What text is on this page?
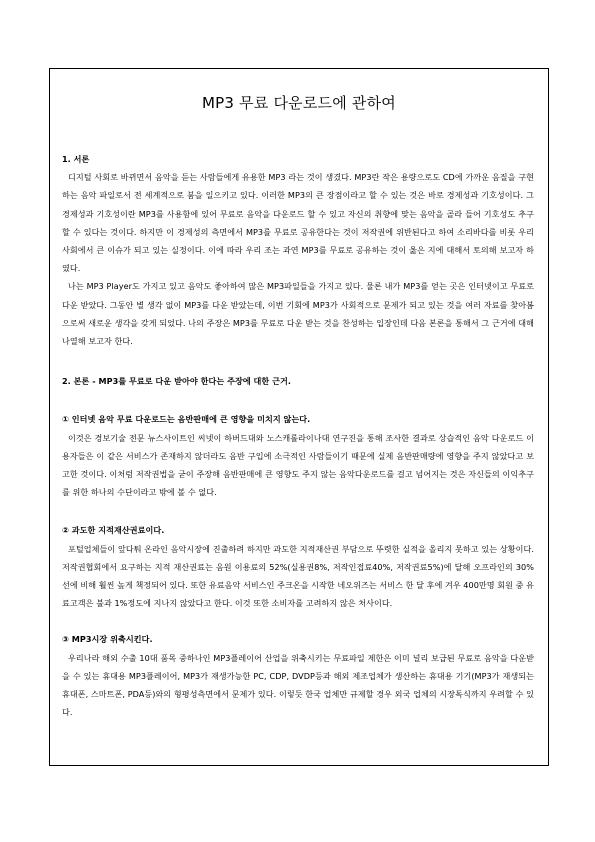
MP3 무료 다운로드에 관하여

1. 서론

디지털 사회로 바뀌면서 음악을 듣는 사람들에게 유용한 MP3 라는 것이 생겼다. MP3란 작은 용량으로도 CD에 가까운 음질을 구현하는 음악 파일로서 전 세계적으로 붐을 일으키고 있다. 이러한 MP3의 큰 장점이라고 할 수 있는 것은 바로 경제성과 기호성이다. 그 경제성과 기호성이란 MP3를 사용함에 있어 무료로 음악을 다운로드 할 수 있고 자신의 취향에 맞는 음악을 골라 들어 기호성도 추구할 수 있다는 것이다. 하지만 이 경제성의 측면에서 MP3를 무료로 공유한다는 것이 저작권에 위반된다고 하여 소리바다를 비롯 우리 사회에서 큰 이슈가 되고 있는 실정이다. 이에 따라 우리 조는 과연 MP3를 무료로 공유하는 것이 옳은 지에 대해서 토의해 보고자 하였다.

나는 MP3 Player도 가지고 있고 음악도 좋아하여 많은 MP3파일들을 가지고 있다. 물론 내가 MP3를 얻는 곳은 인터넷이고 무료로 다운 받았다. 그동안 별 생각 없이 MP3를 다운 받았는데, 이번 기회에 MP3가 사회적으로 문제가 되고 있는 것을 여러 자료를 찾아봄으로써 새로운 생각을 갖게 되었다. 나의 주장은 MP3를 무료로 다운 받는 것을 찬성하는 입장인데 다음 본론을 통해서 그 근거에 대해 나열해 보고자 한다.

2. 본론 - MP3를 무료로 다운 받아야 한다는 주장에 대한 근거.

① 인터넷 음악 무료 다운로드는 음반판매에 큰 영향을 미치지 않는다.

이것은 경보기술 전문 뉴스사이트인 씨넷이 하버드대와 노스캐롤라이나대 연구진을 통해 조사한 결과로 상습적인 음악 다운로드 이용자들은 이 같은 서비스가 존재하지 않더라도 음반 구입에 소극적인 사람들이기 때문에 실제 음반판매량에 영향을 주지 않았다고 보고한 것이다. 이처럼 저작권법을 굳이 주장해 음반판매에 큰 영향도 주지 않는 음악다운로드를 걸고 넘어지는 것은 자신들의 이익추구를 위한 하나의 수단이라고 밖에 볼 수 없다.

② 과도한 지적재산권료이다.

포털업체들이 앞다퉈 온라인 음악시장에 진출하려 하지만 과도한 지적재산권 부담으로 뚜렷한 실적을 올리지 못하고 있는 상황이다. 저작권협회에서 요구하는 지적 재산권료는 음원 이용료의 52%(실용권8%, 저작인접료40%, 저작권료5%)에 달해 오프라인의 30%선에 비해 훨씬 높게 책정되어 있다. 또한 유료음악 서비스인 주크온을 시작한 네오위즈는 서비스 한 달 후에 겨우 400만명 회원 중 유료고객은 불과 1%정도에 지나지 않았다고 한다. 이것 또한 소비자를 고려하지 않은 처사이다.

③ MP3시장 위축시킨다.

우리나라 해외 수출 10대 품목 중하나인 MP3플레이어 산업을 위축시키는 무료파일 제한은 이미 널리 보급된 무료로 음악을 다운받을 수 있는 휴대용 MP3플레이어, MP3가 재생가능한 PC, CDP, DVDP등과 해외 제조업체가 생산하는 휴대용 기기(MP3가 재생되는 휴대폰, 스마트폰, PDA등)와의 형평성측면에서 문제가 있다. 이렇듯 한국 업체만 규제할 경우 외국 업체의 시장독식까지 우려할 수 있다.
